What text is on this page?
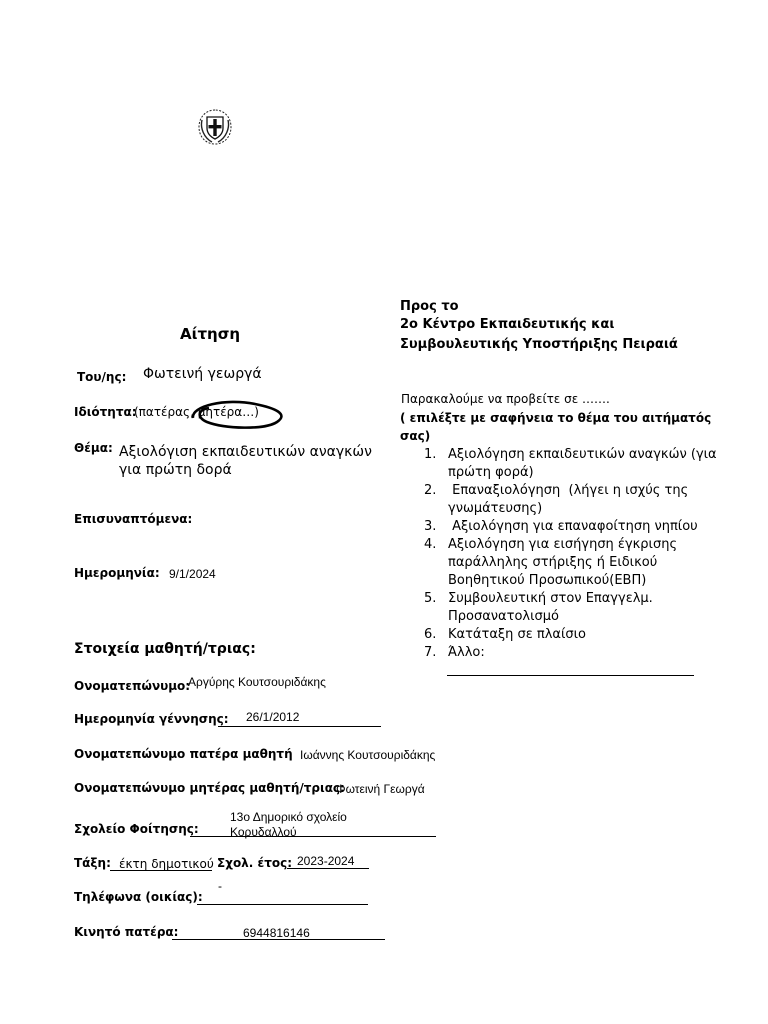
Προς το
2ο Κέντρο Εκπαιδευτικής και
Συμβουλευτικής Υποστήριξης Πειραιά
Αίτηση
Του/ης: Φωτεινή γεωργά
Ιδιότητα:
(πατέρας, μητέρα…)
Θέμα: Αξιολόγιση εκπαιδευτικών αναγκών
για πρώτη δορά
Επισυναπτόμενα:
Ημερομηνία: 9/1/2024
Παρακαλούμε να προβείτε σε …….
( επιλέξτε με σαφήνεια το θέμα του αιτήματός
σας)
1. Αξιολόγηση εκπαιδευτικών αναγκών (για
πρώτη φορά)
2. Επαναξιολόγηση  (λήγει η ισχύς της
γνωμάτευσης)
3. Αξιολόγηση για επαναφοίτηση νηπίου
4. Αξιολόγηση για εισήγηση έγκρισης
παράλληλης στήριξης ή Ειδικού
Βοηθητικού Προσωπικού(ΕΒΠ)
5. Συμβουλευτική στον Επαγγελμ.
Προσανατολισμό
6. Κατάταξη σε πλαίσιο
7. Άλλο:
Στοιχεία μαθητή/τριας:
Ονοματεπώνυμο:
Αργύρης Κουτσουριδάκης
Ημερομηνία γέννησης: 26/1/2012
Ονοματεπώνυμο πατέρα μαθητή Ιωάννης Κουτσουριδάκης
Ονοματεπώνυμο μητέρας μαθητή/τριας:
Φωτεινή Γεωργά
Σχολείο Φοίτησης:
13ο Δημορικό σχολείο
Κορυδαλλού
Τάξη: έκτη δημοτικού Σχολ. έτος: 2023-2024
Τηλέφωνα (οικίας):
-
Κινητό πατέρα:	6944816146
